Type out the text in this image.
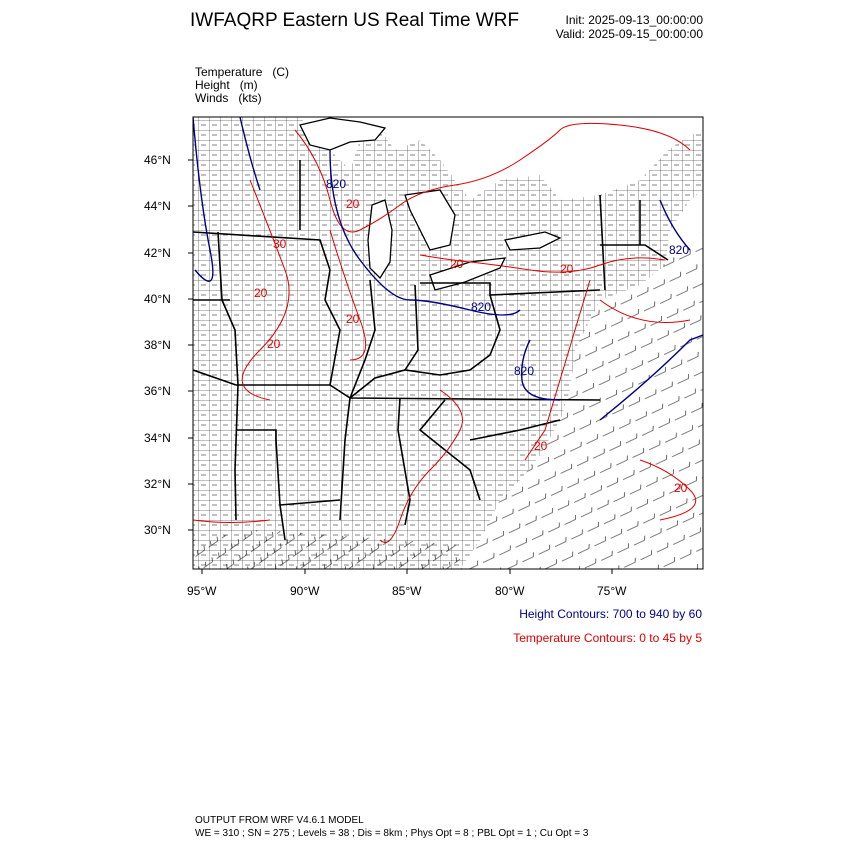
IWFAQRP Eastern US Real Time WRF	Init: 2025-09-13_00:00:00
Valid: 2025-09-15_00:00:00
Temperature   (C)
Height   (m)
Winds   (kts)
820
820
820
820
20
30
20
20
20
20	20
20
20
46°N
44°N
42°N
40°N
38°N
36°N
34°N
32°N
30°N
95°W	90°W	85°W	80°W	75°W
Height Contours: 700 to 940 by 60
Temperature Contours: 0 to 45 by 5
OUTPUT FROM WRF V4.6.1 MODEL
WE = 310 ; SN = 275 ; Levels = 38 ; Dis = 8km ; Phys Opt = 8 ; PBL Opt = 1 ; Cu Opt = 3
